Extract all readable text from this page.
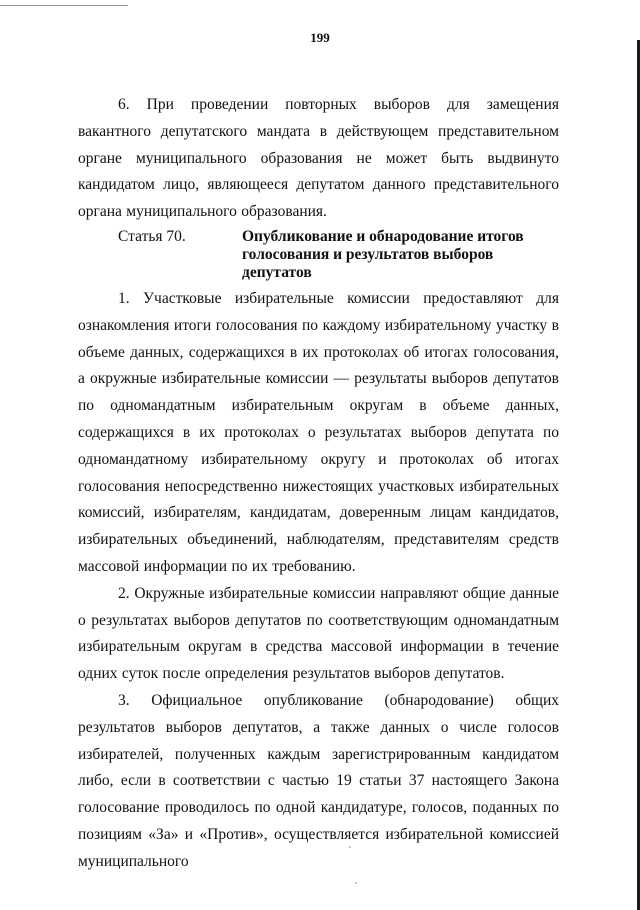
199

6. При проведении повторных выборов для замещения вакантного депутатского мандата в действующем представительном органе муниципального образования не может быть выдвинуто кандидатом лицо, являющееся депутатом данного представительного органа муниципального образования.

Статья 70.	Опубликование и обнародование итогов голосования и результатов выборов депутатов

1. Участковые избирательные комиссии предоставляют для ознакомления итоги голосования по каждому избирательному участку в объеме данных, содержащихся в их протоколах об итогах голосования, а окружные избирательные комиссии — результаты выборов депутатов по одномандатным избирательным округам в объеме данных, содержащихся в их протоколах о результатах выборов депутата по одномандатному избирательному округу и протоколах об итогах голосования непосредственно нижестоящих участковых избирательных комиссий, избирателям, кандидатам, доверенным лицам кандидатов, избирательных объединений, наблюдателям, представителям средств массовой информации по их требованию.

2. Окружные избирательные комиссии направляют общие данные о результатах выборов депутатов по соответствующим одномандатным избирательным округам в средства массовой информации в течение одних суток после определения результатов выборов депутатов.

3. Официальное опубликование (обнародование) общих результатов выборов депутатов, а также данных о числе голосов избирателей, полученных каждым зарегистрированным кандидатом либо, если в соответствии с частью 19 статьи 37 настоящего Закона голосование проводилось по одной кандидатуре, голосов, поданных по позициям «За» и «Против», осуществляется избирательной комиссией муниципального
